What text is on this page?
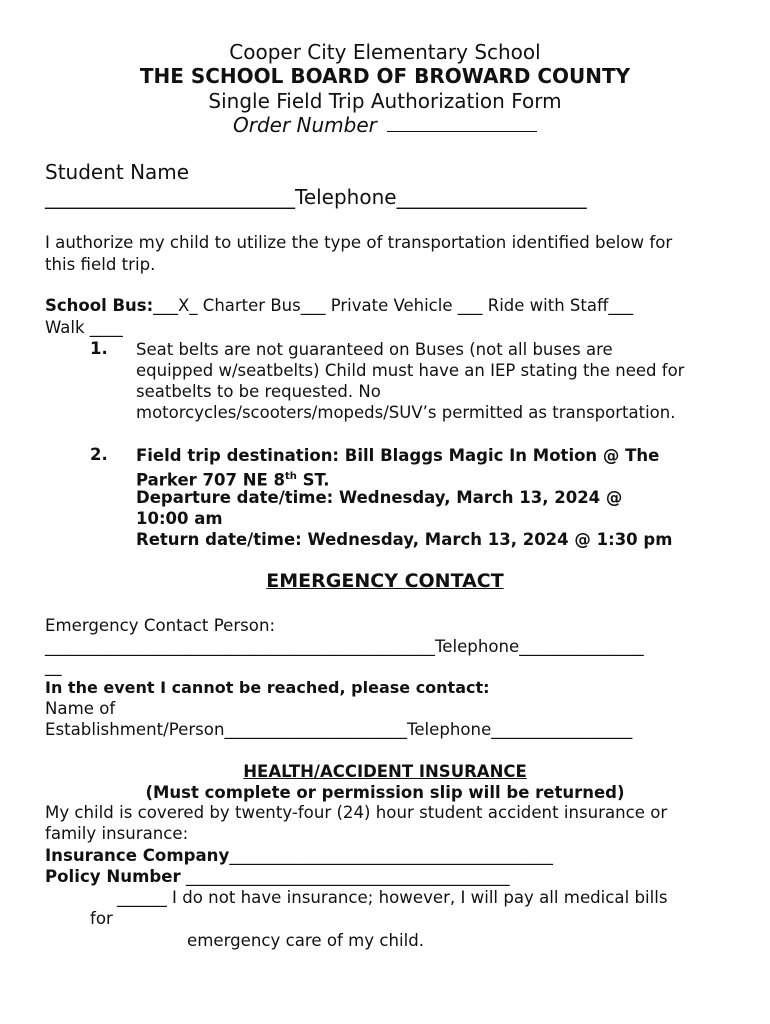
Cooper City Elementary School
THE SCHOOL BOARD OF BROWARD COUNTY
Single Field Trip Authorization Form
Order Number
Student Name
_________________________Telephone___________________
I authorize my child to utilize the type of transportation identified below for
this field trip.
School Bus:___X_ Charter Bus___ Private Vehicle ___ Ride with Staff___
Walk ____
1. Seat belts are not guaranteed on Buses (not all buses are
equipped w/seatbelts) Child must have an IEP stating the need for
seatbelts to be requested. No
motorcycles/scooters/mopeds/SUV’s permitted as transportation.
2. Field trip destination: Bill Blaggs Magic In Motion @ The
Parker 707 NE 8th ST.
Departure date/time: Wednesday, March 13, 2024 @
10:00 am
Return date/time: Wednesday, March 13, 2024 @ 1:30 pm
EMERGENCY CONTACT
Emergency Contact Person:
_______________________________________________Telephone_______________
__
In the event I cannot be reached, please contact:
Name of
Establishment/Person______________________Telephone_________________
HEALTH/ACCIDENT INSURANCE
(Must complete or permission slip will be returned)
My child is covered by twenty-four (24) hour student accident insurance or
family insurance:
Insurance Company_______________________________________
Policy Number _______________________________________
______ I do not have insurance; however, I will pay all medical bills
for
emergency care of my child.
